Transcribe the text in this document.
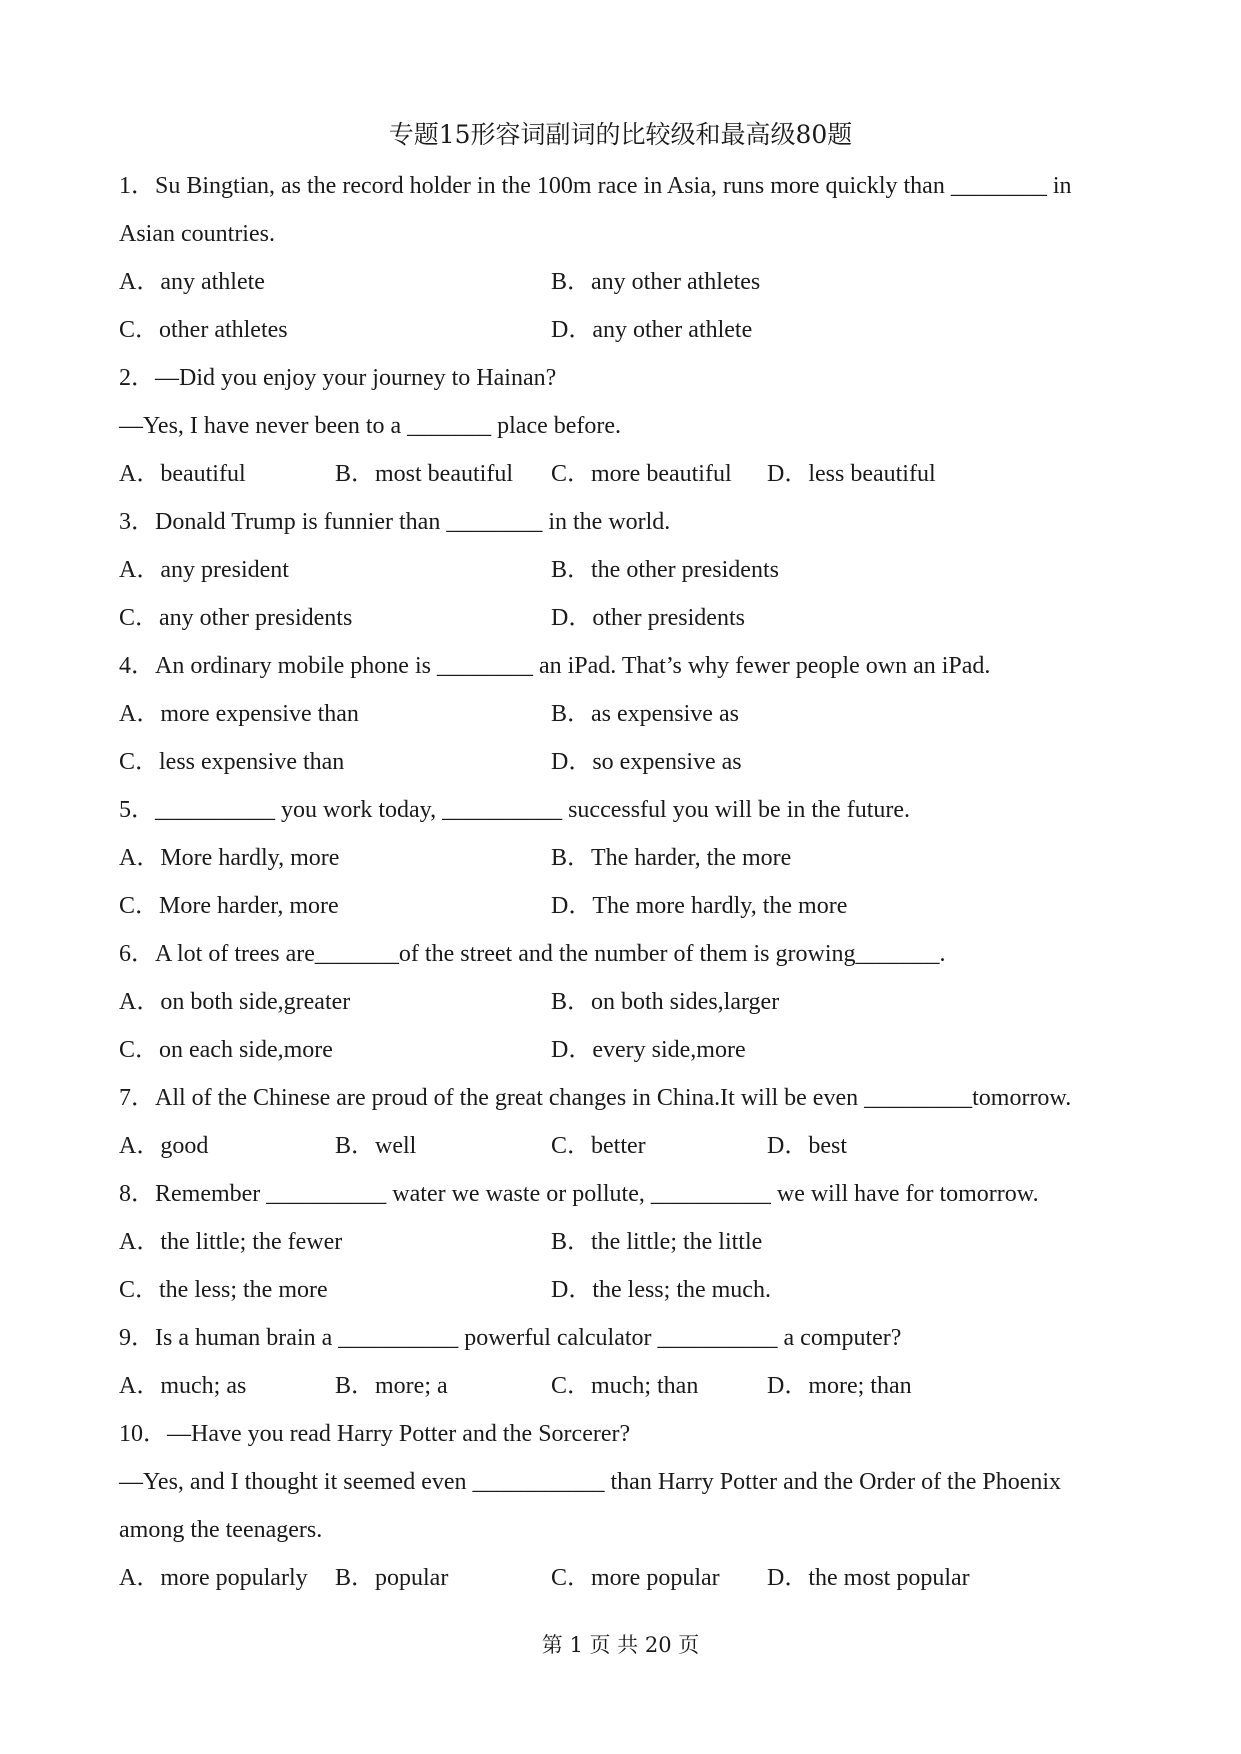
专题15形容词副词的比较级和最高级80题
1．Su Bingtian, as the record holder in the 100m race in Asia, runs more quickly than ________ in
Asian countries.
A．any athlete	B．any other athletes
C．other athletes	D．any other athlete
2．—Did you enjoy your journey to Hainan?
—Yes, I have never been to a _______ place before.
A．beautiful	B．most beautiful C．more beautiful D．less beautiful
3．Donald Trump is funnier than ________ in the world.
A．any president	B．the other presidents
C．any other presidents	D．other presidents
4．An ordinary mobile phone is ________ an iPad. That’s why fewer people own an iPad.
A．more expensive than	B．as expensive as
C．less expensive than	D．so expensive as
5．__________ you work today, __________ successful you will be in the future.
A．More hardly, more	B．The harder, the more
C．More harder, more	D．The more hardly, the more
6．A lot of trees are_______of the street and the number of them is growing_______.
A．on both side,greater	B．on both sides,larger
C．on each side,more	D．every side,more
7．All of the Chinese are proud of the great changes in China.It will be even _________tomorrow.
A．good	B．well	C．better	D．best
8．Remember __________ water we waste or pollute, __________ we will have for tomorrow.
A．the little; the fewer	B．the little; the little
C．the less; the more	D．the less; the much.
9．Is a human brain a __________ powerful calculator __________ a computer?
A．much; as	B．more; a	C．much; than	D．more; than
10．—Have you read Harry Potter and the Sorcerer?
—Yes, and I thought it seemed even ___________ than Harry Potter and the Order of the Phoenix
among the teenagers.
A．more popularly B．popular	C．more popular D．the most popular
第 1 页 共 20 页
